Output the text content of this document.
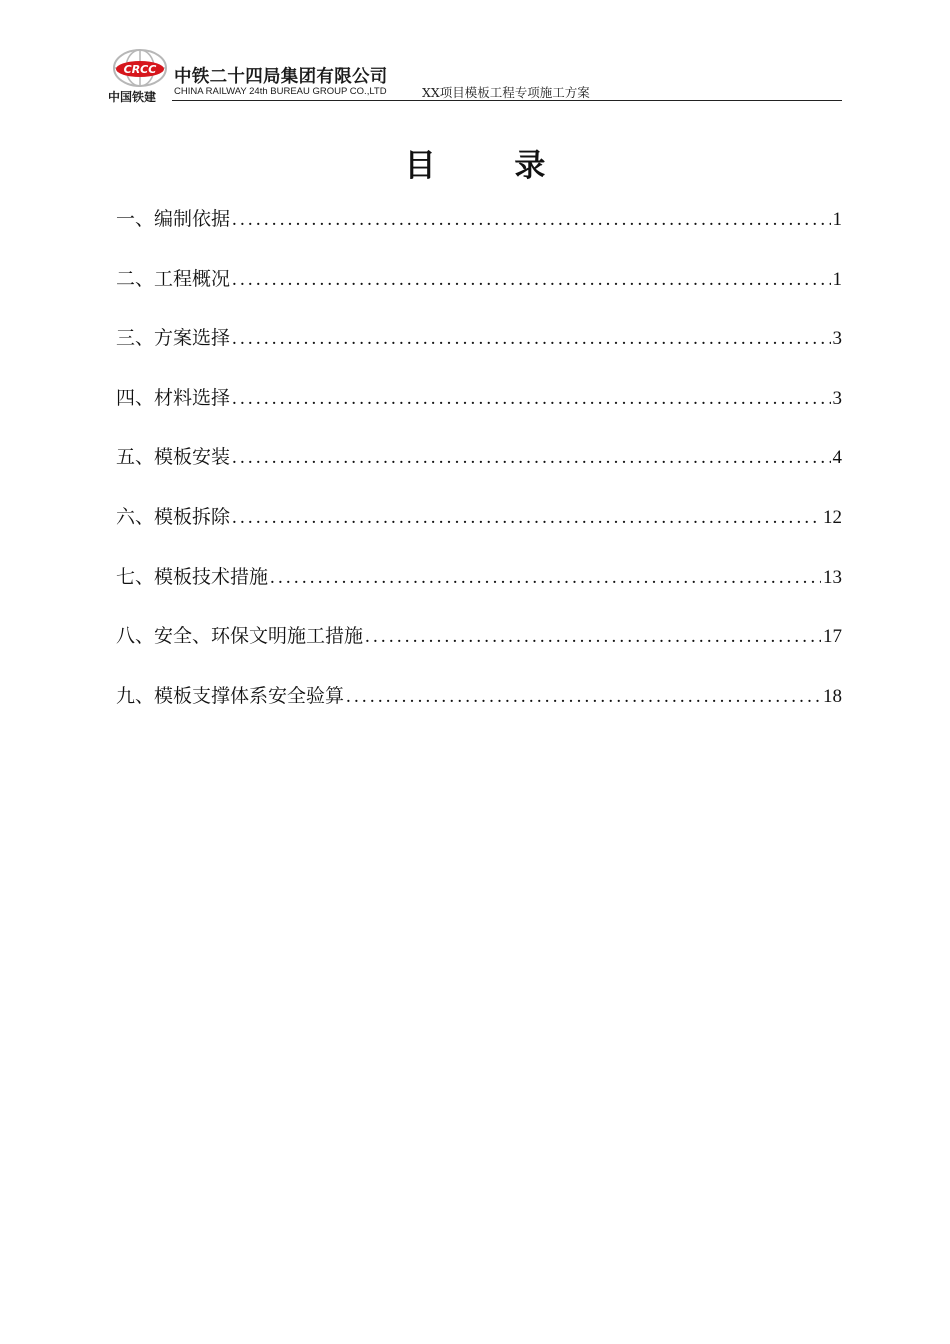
CRCC
中国铁建
中铁二十四局集团有限公司
CHINA RAILWAY 24th BUREAU GROUP CO.,LTD	XX项目模板工程专项施工方案
目 录
一、编制依据 .....	1
二、工程概况 .....	1
三、方案选择 .....	3
四、材料选择 .....	3
五、模板安装 .....	4
六、模板拆除 .....	12
七、模板技术措施 .....	13
八、安全、环保文明施工措施 .....	17
九、模板支撑体系安全验算 .....	18
